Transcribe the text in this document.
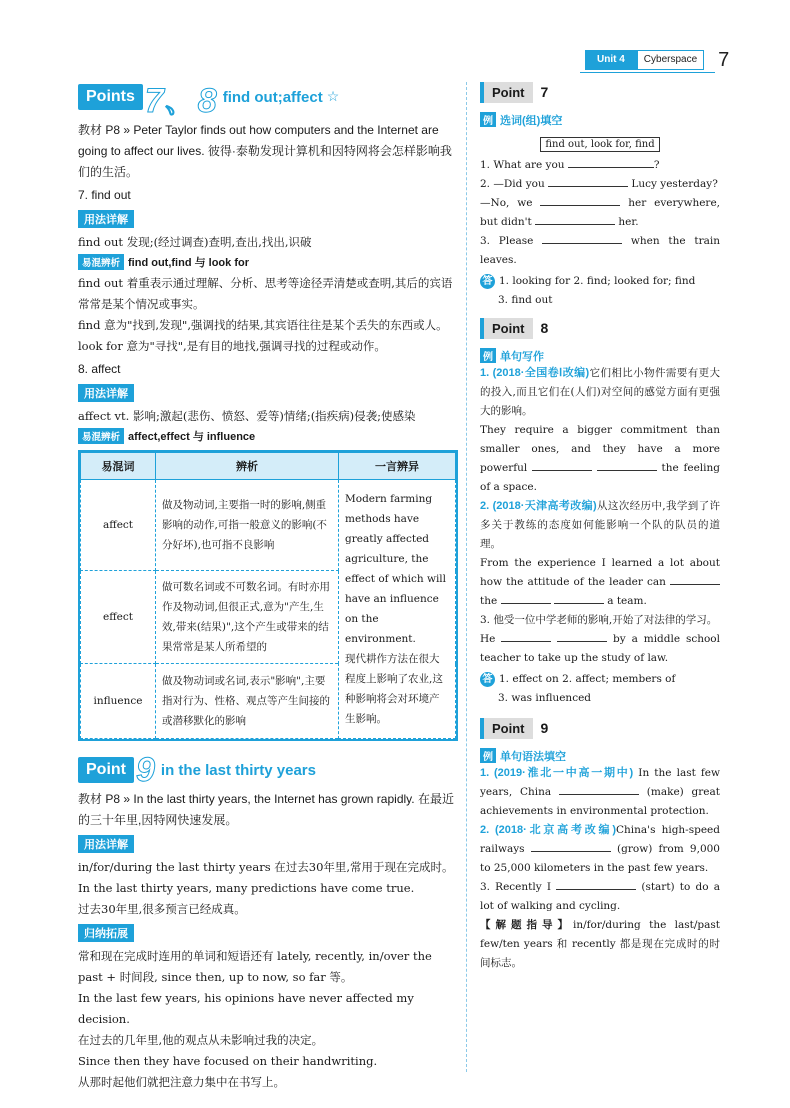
Unit 4	Cyberspace	7
Points 7、8 find out;affect ☆
教材 P8 » Peter Taylor finds out how computers and the Internet are going to affect our lives. 彼得·泰勒发现计算机和因特网将会怎样影响我们的生活。
7. find out
用法详解
find out 发现;(经过调查)查明,查出,找出,识破
易混辨析 find out,find 与 look for
find out 着重表示通过理解、分析、思考等途径弄清楚或查明,其后的宾语常常是某个情况或事实。
find 意为"找到,发现",强调找的结果,其宾语往往是某个丢失的东西或人。
look for 意为"寻找",是有目的地找,强调寻找的过程或动作。
8. affect
用法详解
affect vt. 影响;激起(悲伤、愤怒、爱等)情绪;(指疾病)侵袭;使感染
易混辨析 affect,effect 与 influence
易混词	辨析	一言辨异
affect	做及物动词,主要指一时的影响,侧重影响的动作,可指一般意义的影响(不分好坏),也可指不良影响	Modern farming methods have greatly affected agriculture, the effect of which will have an influence on the environment.
现代耕作方法在很大程度上影响了农业,这种影响将会对环境产生影响。

effect	做可数名词或不可数名词。有时亦用作及物动词,但很正式,意为"产生,生效,带来(结果)",这个产生或带来的结果常常是某人所希望的	
influence	做及物动词或名词,表示"影响",主要指对行为、性格、观点等产生间接的或潜移默化的影响	
Point 9 in the last thirty years
教材 P8 » In the last thirty years, the Internet has grown rapidly. 在最近的三十年里,因特网快速发展。
用法详解
in/for/during the last thirty years 在过去30年里,常用于现在完成时。
In the last thirty years, many predictions have come true.
过去30年里,很多预言已经成真。
归纳拓展
常和现在完成时连用的单词和短语还有 lately, recently, in/over the past + 时间段, since then, up to now, so far 等。
In the last few years, his opinions have never affected my decision.
在过去的几年里,他的观点从未影响过我的决定。
Since then they have focused on their handwriting.
从那时起他们就把注意力集中在书写上。
Point 7
例 选词(组)填空
find out, look for, find
1. What are you	?
2. —Did you	Lucy yesterday?
—No, we	her everywhere, but didn't	her.
3. Please	when the train leaves.
答 1. looking for 2. find; looked for; find
3. find out
Point 8
例 单句写作
1. (2018·全国卷Ⅰ改编)它们相比小物件需要有更大的投入,而且它们在(人们)对空间的感觉方面有更强大的影响。
They require a bigger commitment than smaller ones, and they have a more powerful	the feeling of a space.
2. (2018·天津高考改编)从这次经历中,我学到了许多关于教练的态度如何能影响一个队的队员的道理。
From the experience I learned a lot about how the attitude of the leader can  the	a team.
3. 他受一位中学老师的影响,开始了对法律的学习。
He	by a middle school teacher to take up the study of law.
答 1. effect on 2. affect; members of
3. was influenced
Point 9
例 单句语法填空
1. (2019·淮北一中高一期中) In the last few years, China	(make) great achievements in environmental protection.
2. (2018·北京高考改编)China's high-speed railways	(grow) from 9,000 to 25,000 kilometers in the past few years.
3. Recently I	(start) to do a lot of walking and cycling.
【解题指导】in/for/during the last/past few/ten years 和 recently 都是现在完成时的时间标志。
